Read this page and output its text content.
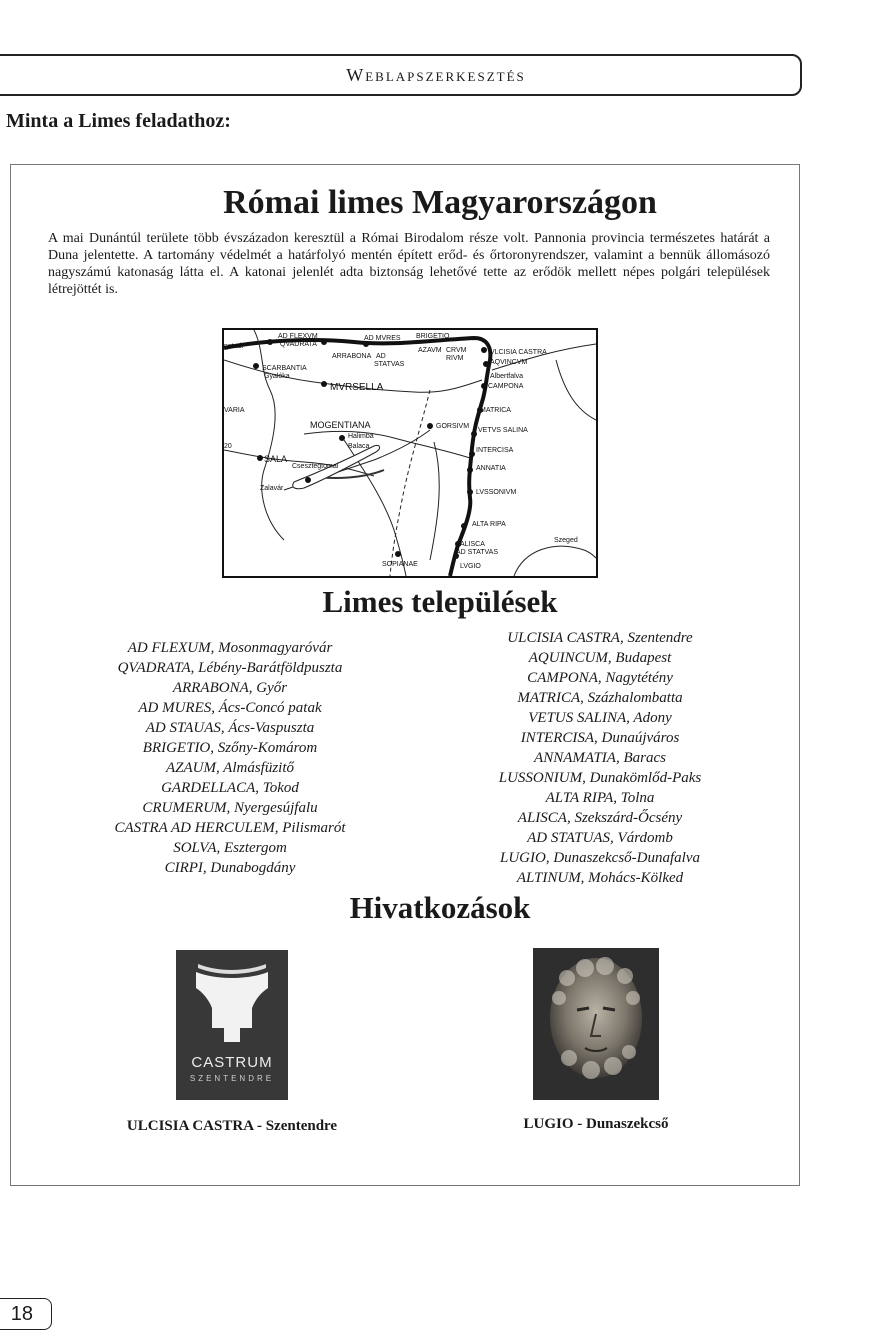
Weblapszerkesztés
Minta a Limes feladathoz:
Római limes Magyarországon
A mai Dunántúl területe több évszázadon keresztül a Római Birodalom része volt. Pannonia provincia természetes határát a Duna jelentette. A tartomány védelmét a határfolyó mentén épített erőd- és őrtoronyrendszer, valamint a bennük állomásozó nagyszámú katonaság látta el. A katonai jelenlét adta biztonság lehetővé tette az erődök mellett népes polgári települések létrejöttét is.
nstadt
AD FLEXVM
QVADRATA
AD MVRES BRIGETIO
ARRABONA AD
STATVAS
AZAVM CRVM
RIVM
SCARBANTIA
Gyalóka
MVRSELLA
MOGENTIANA
Halimba
Balaca
GORSIVM
VARIA
20
SALA
Csesztegtomai
Zalavár
SOPIANAE
VLCISIA CASTRA
AQVINCVM
Albertfalva
CAMPONA
MATRICA
VETVS SALINA
INTERCISA
ANNATIA
LVSSONIVM
ALTA RIPA
ALISCA
AD STATVAS
LVGIO
Szeged
Limes települések
AD FLEXUM, Mosonmagyaróvár
QVADRATA, Lébény-Barátföldpuszta
ARRABONA, Győr
AD MURES, Ács-Concó patak
AD STAUAS, Ács-Vaspuszta
BRIGETIO, Szőny-Komárom
AZAUM, Almásfüzitő
GARDELLACA, Tokod
CRUMERUM, Nyergesújfalu
CASTRA AD HERCULEM, Pilismarót
SOLVA, Esztergom
CIRPI, Dunabogdány
ULCISIA CASTRA, Szentendre
AQUINCUM, Budapest
CAMPONA, Nagytétény
MATRICA, Százhalombatta
VETUS SALINA, Adony
INTERCISA, Dunaújváros
ANNAMATIA, Baracs
LUSSONIUM, Dunakömlőd-Paks
ALTA RIPA, Tolna
ALISCA, Szekszárd-Őcsény
AD STATUAS, Várdomb
LUGIO, Dunaszekcső-Dunafalva
ALTINUM, Mohács-Kölked
Hivatkozások
CASTRUM
SZENTENDRE
ULCISIA CASTRA - Szentendre	LUGIO - Dunaszekcső
18
